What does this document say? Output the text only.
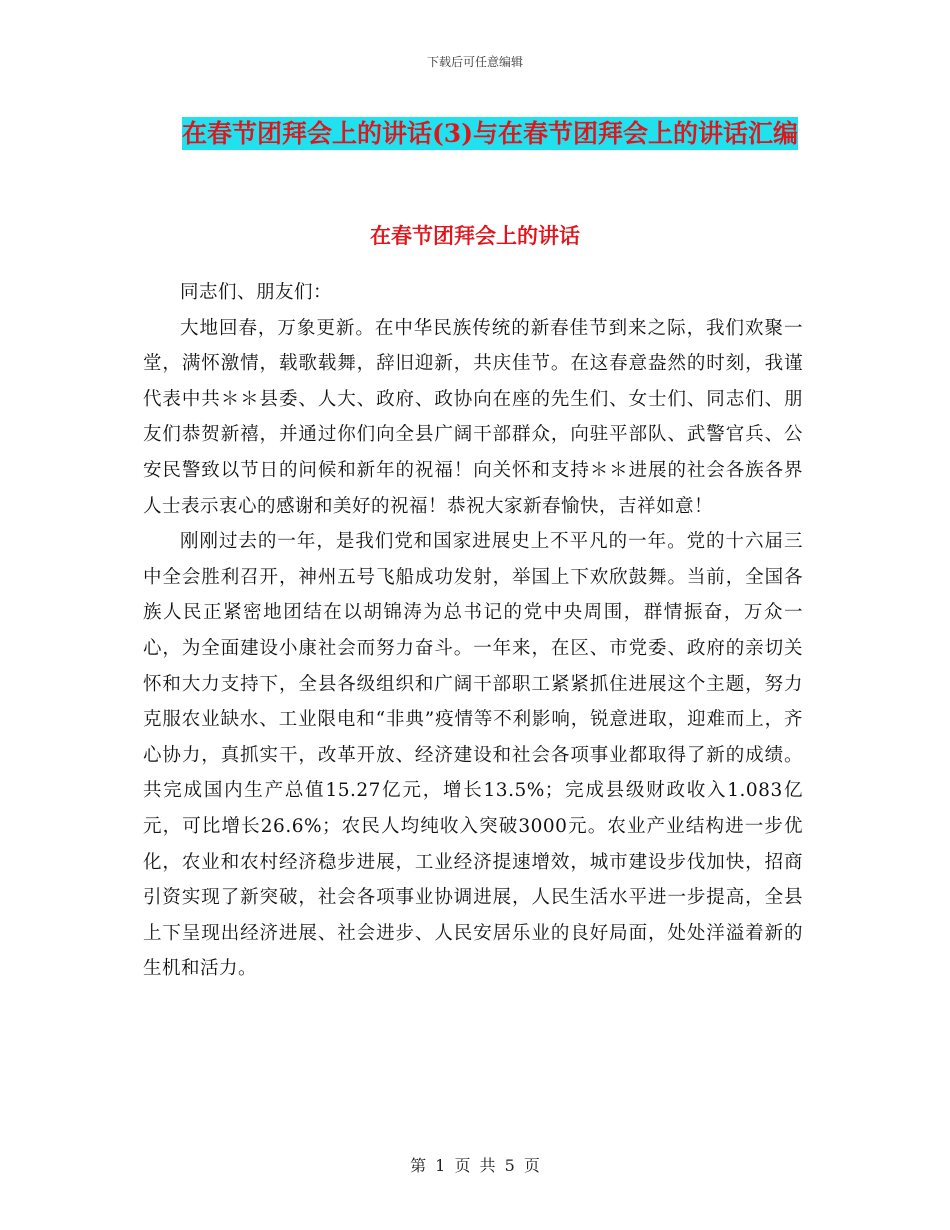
下载后可任意编辑
在春节团拜会上的讲话(3)与在春节团拜会上的讲话汇编
在春节团拜会上的讲话

同志们、朋友们：

大地回春，万象更新。在中华民族传统的新春佳节到来之际，我们欢聚一堂，满怀激情，载歌载舞，辞旧迎新，共庆佳节。在这春意盎然的时刻，我谨代表中共＊＊县委、人大、政府、政协向在座的先生们、女士们、同志们、朋友们恭贺新禧，并通过你们向全县广阔干部群众，向驻平部队、武警官兵、公安民警致以节日的问候和新年的祝福！向关怀和支持＊＊进展的社会各族各界人士表示衷心的感谢和美好的祝福！恭祝大家新春愉快，吉祥如意！

刚刚过去的一年，是我们党和国家进展史上不平凡的一年。党的十六届三中全会胜利召开，神州五号飞船成功发射，举国上下欢欣鼓舞。当前，全国各族人民正紧密地团结在以胡锦涛为总书记的党中央周围，群情振奋，万众一心，为全面建设小康社会而努力奋斗。一年来，在区、市党委、政府的亲切关怀和大力支持下，全县各级组织和广阔干部职工紧紧抓住进展这个主题，努力克服农业缺水、工业限电和“非典”疫情等不利影响，锐意进取，迎难而上，齐心协力，真抓实干，改革开放、经济建设和社会各项事业都取得了新的成绩。共完成国内生产总值15.27亿元，增长13.5%；完成县级财政收入1.083亿元，可比增长26.6%；农民人均纯收入突破3000元。农业产业结构进一步优化，农业和农村经济稳步进展，工业经济提速增效，城市建设步伐加快，招商引资实现了新突破，社会各项事业协调进展，人民生活水平进一步提高，全县上下呈现出经济进展、社会进步、人民安居乐业的良好局面，处处洋溢着新的生机和活力。

第 1 页 共 5 页
